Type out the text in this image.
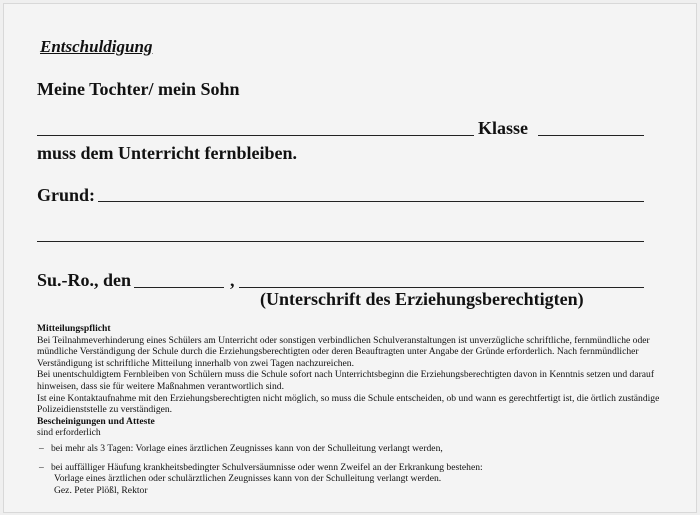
Entschuldigung
Meine Tochter/ mein Sohn
Klasse
muss dem Unterricht fernbleiben.
Grund:
Su.-Ro., den	,
(Unterschrift des Erziehungsberechtigten)

Mitteilungspflicht

Bei Teilnahmeverhinderung eines Schülers am Unterricht oder sonstigen verbindlichen Schulveranstaltungen ist unverzügliche schriftliche, fernmündliche oder mündliche Verständigung der Schule durch die Erziehungsberechtigten oder deren Beauftragten unter Angabe der Gründe erforderlich. Nach fernmündlicher Verständigung ist schriftliche Mitteilung innerhalb von zwei Tagen nachzureichen.

Bei unentschuldigtem Fernbleiben von Schülern muss die Schule sofort nach Unterrichtsbeginn die Erziehungsberechtigten davon in Kenntnis setzen und darauf hinweisen, dass sie für weitere Maßnahmen verantwortlich sind.

Ist eine Kontaktaufnahme mit den Erziehungsberechtigten nicht möglich, so muss die Schule entscheiden, ob und wann es gerechtfertigt ist, die örtlich zuständige Polizeidienststelle zu verständigen.

Bescheinigungen und Atteste

sind erforderlich

– bei mehr als 3 Tagen: Vorlage eines ärztlichen Zeugnisses kann von der Schulleitung verlangt werden,

– bei auffälliger Häufung krankheitsbedingter Schulversäumnisse oder wenn Zweifel an der Erkrankung bestehen:

Vorlage eines ärztlichen oder schulärztlichen Zeugnisses kann von der Schulleitung verlangt werden.

Gez. Peter Plößl, Rektor
